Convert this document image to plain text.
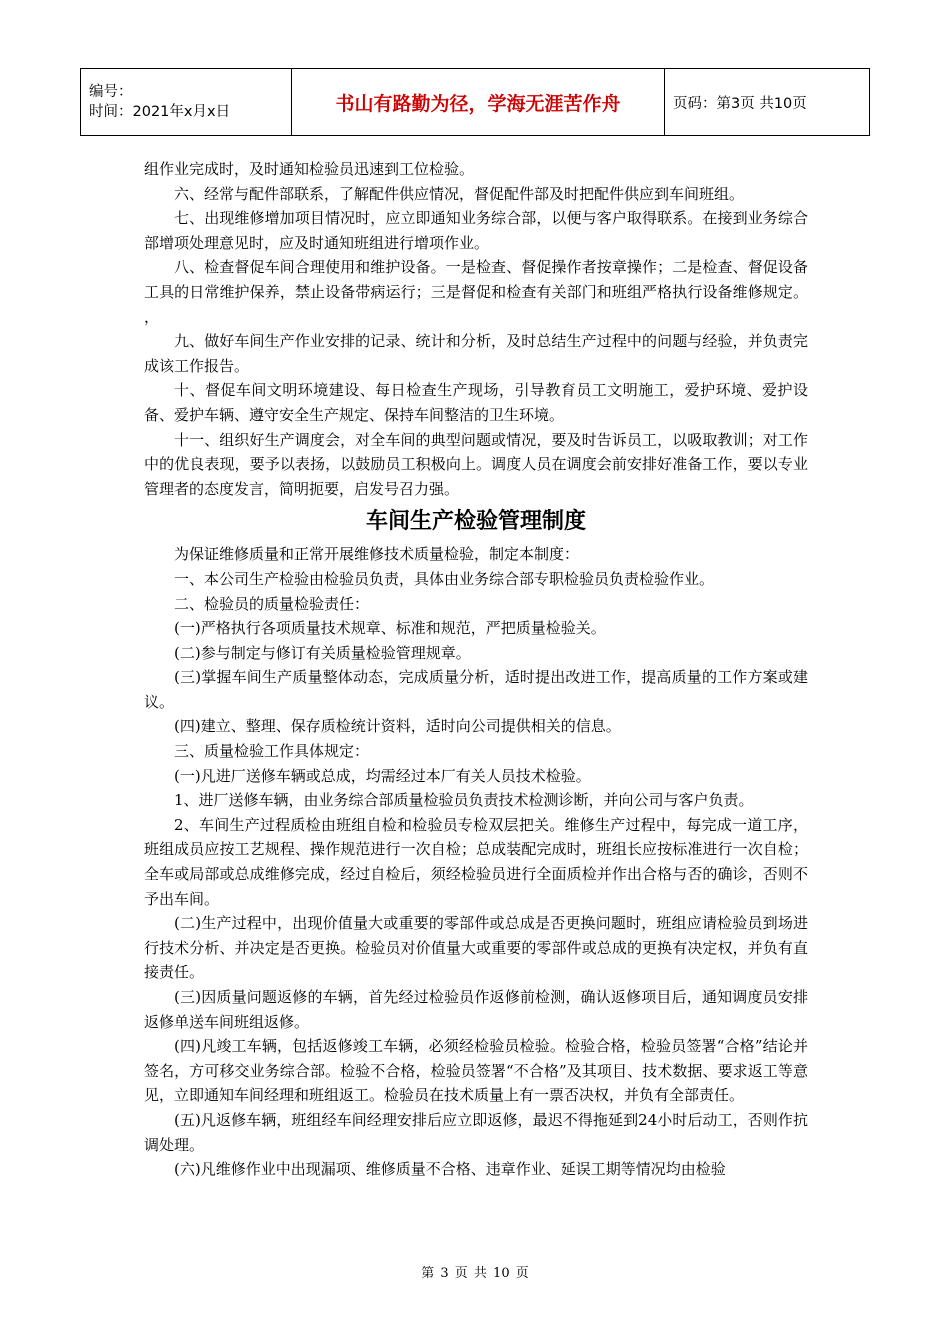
编号：
时间：2021年x月x日	书山有路勤为径，学海无涯苦作舟	页码：第3页 共10页

组作业完成时，及时通知检验员迅速到工位检验。

六、经常与配件部联系，了解配件供应情况，督促配件部及时把配件供应到车间班组。

七、出现维修增加项目情况时，应立即通知业务综合部，以便与客户取得联系。在接到业务综合部增项处理意见时，应及时通知班组进行增项作业。

八、检查督促车间合理使用和维护设备。一是检查、督促操作者按章操作；二是检查、督促设备工具的日常维护保养，禁止设备带病运行；三是督促和检查有关部门和班组严格执行设备维修规定。 ，

九、做好车间生产作业安排的记录、统计和分析，及时总结生产过程中的问题与经验，并负责完成该工作报告。

十、督促车间文明环境建设、每日检查生产现场，引导教育员工文明施工，爱护环境、爱护设备、爱护车辆、遵守安全生产规定、保持车间整洁的卫生环境。

十一、组织好生产调度会，对全车间的典型问题或情况，要及时告诉员工，以吸取教训；对工作中的优良表现，要予以表扬，以鼓励员工积极向上。调度人员在调度会前安排好准备工作，要以专业管理者的态度发言，简明扼要，启发号召力强。

车间生产检验管理制度

为保证维修质量和正常开展维修技术质量检验，制定本制度：

一、本公司生产检验由检验员负责，具体由业务综合部专职检验员负责检验作业。

二、检验员的质量检验责任：

(一)严格执行各项质量技术规章、标准和规范，严把质量检验关。

(二)参与制定与修订有关质量检验管理规章。

(三)掌握车间生产质量整体动态，完成质量分析，适时提出改进工作，提高质量的工作方案或建议。

(四)建立、整理、保存质检统计资料，适时向公司提供相关的信息。

三、质量检验工作具体规定：

(一)凡进厂送修车辆或总成，均需经过本厂有关人员技术检验。

1、进厂送修车辆，由业务综合部质量检验员负责技术检测诊断，并向公司与客户负责。

2、车间生产过程质检由班组自检和检验员专检双层把关。维修生产过程中，每完成一道工序，班组成员应按工艺规程、操作规范进行一次自检；总成装配完成时，班组长应按标准进行一次自检；全车或局部或总成维修完成，经过自检后，须经检验员进行全面质检并作出合格与否的确诊，否则不予出车间。

(二)生产过程中，出现价值量大或重要的零部件或总成是否更换问题时，班组应请检验员到场进行技术分析、并决定是否更换。检验员对价值量大或重要的零部件或总成的更换有决定权，并负有直接责任。

(三)因质量问题返修的车辆，首先经过检验员作返修前检测，确认返修项目后，通知调度员安排返修单送车间班组返修。

(四)凡竣工车辆，包括返修竣工车辆，必须经检验员检验。检验合格，检验员签署“合格”结论并签名，方可移交业务综合部。检验不合格，检验员签署“不合格”及其项目、技术数据、要求返工等意见，立即通知车间经理和班组返工。检验员在技术质量上有一票否决权，并负有全部责任。

(五)凡返修车辆，班组经车间经理安排后应立即返修，最迟不得拖延到24小时后动工，否则作抗调处理。

(六)凡维修作业中出现漏项、维修质量不合格、违章作业、延误工期等情况均由检验

第 3 页 共 10 页
